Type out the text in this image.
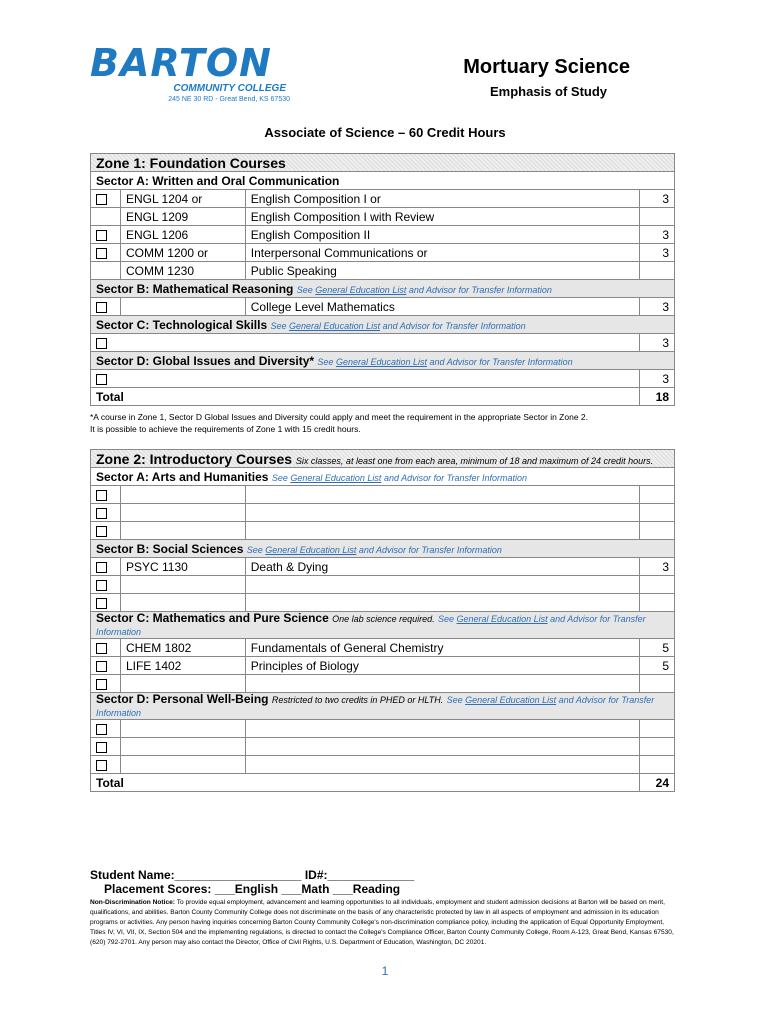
BARTON
COMMUNITY COLLEGE
245 NE 30 RD - Great Bend, KS 67530
Mortuary Science
Emphasis of Study
Associate of Science – 60 Credit Hours
Zone 1: Foundation Courses			
Sector A: Written and Oral Communication			
	ENGL 1204 or	English Composition I or	3
	ENGL 1209	English Composition I with Review	
	ENGL 1206	English Composition II	3
	COMM 1200 or	Interpersonal Communications or	3
	COMM 1230	Public Speaking	
Sector B: Mathematical Reasoning See General Education List and Advisor for Transfer Information			
		College Level Mathematics	3
Sector C: Technological Skills See General Education List and Advisor for Transfer Information			
			3
Sector D: Global Issues and Diversity* See General Education List and Advisor for Transfer Information			
			3
Total			18
*A course in Zone 1, Sector D Global Issues and Diversity could apply and meet the requirement in the appropriate Sector in Zone 2.
It is possible to achieve the requirements of Zone 1 with 15 credit hours.
Zone 2: Introductory Courses Six classes, at least one from each area, minimum of 18 and maximum of 24 credit hours.			
Sector A: Arts and Humanities See General Education List and Advisor for Transfer Information			

Sector B: Social Sciences See General Education List and Advisor for Transfer Information			
	PSYC 1130	Death & Dying	3

Sector C: Mathematics and Pure Science One lab science required. See General Education List and Advisor for Transfer
Information			
	CHEM 1802	Fundamentals of General Chemistry	5
	LIFE 1402	Principles of Biology	5

Sector D: Personal Well-Being Restricted to two credits in PHED or HLTH. See General Education List and Advisor for Transfer
Information			

Total			24
Student Name:___________________ ID#:_____________ Placement Scores: ___English ___Math ___Reading
Non-Discrimination Notice: To provide equal employment, advancement and learning opportunities to all individuals, employment and student admission decisions at Barton will be based on merit, qualifications, and abilities. Barton County Community College does not discriminate on the basis of any characteristic protected by law in all aspects of employment and admission in its education programs or activities. Any person having inquiries concerning Barton County Community College's non-discrimination compliance policy, including the application of Equal Opportunity Employment, Titles IV, VI, VII, IX, Section 504 and the implementing regulations, is directed to contact the College's Compliance Officer, Barton County Community College, Room A-123, Great Bend, Kansas 67530, (620) 792-2701. Any person may also contact the Director, Office of Civil Rights, U.S. Department of Education, Washington, DC 20201.
1
